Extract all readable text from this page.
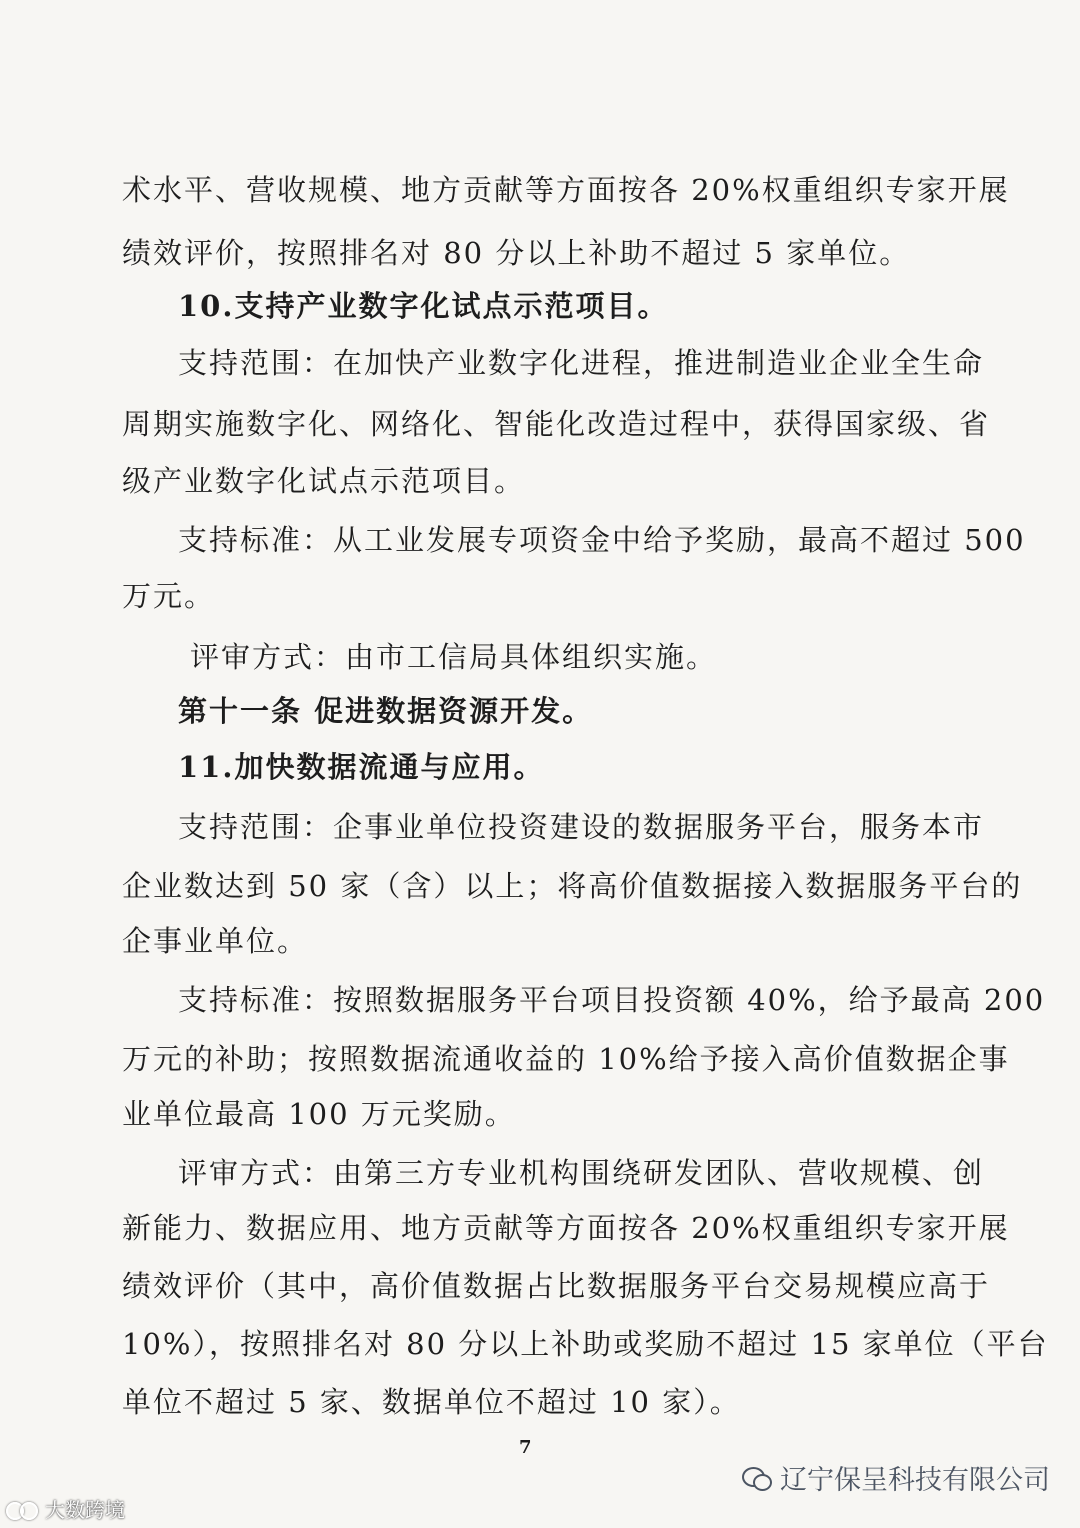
术水平、营收规模、地方贡献等方面按各 20%权重组织专家开展
绩效评价，按照排名对 80 分以上补助不超过 5 家单位。
10.支持产业数字化试点示范项目。
支持范围：在加快产业数字化进程，推进制造业企业全生命
周期实施数字化、网络化、智能化改造过程中，获得国家级、省
级产业数字化试点示范项目。
支持标准：从工业发展专项资金中给予奖励，最高不超过 500
万元。
评审方式：由市工信局具体组织实施。
第十一条 促进数据资源开发。
11.加快数据流通与应用。
支持范围：企事业单位投资建设的数据服务平台，服务本市
企业数达到 50 家（含）以上；将高价值数据接入数据服务平台的
企事业单位。
支持标准：按照数据服务平台项目投资额 40%，给予最高 200
万元的补助；按照数据流通收益的 10%给予接入高价值数据企事
业单位最高 100 万元奖励。
评审方式：由第三方专业机构围绕研发团队、营收规模、创
新能力、数据应用、地方贡献等方面按各 20%权重组织专家开展
绩效评价（其中，高价值数据占比数据服务平台交易规模应高于
10%），按照排名对 80 分以上补助或奖励不超过 15 家单位（平台
单位不超过 5 家、数据单位不超过 10 家）。
7
辽宁保呈科技有限公司
大数跨境
